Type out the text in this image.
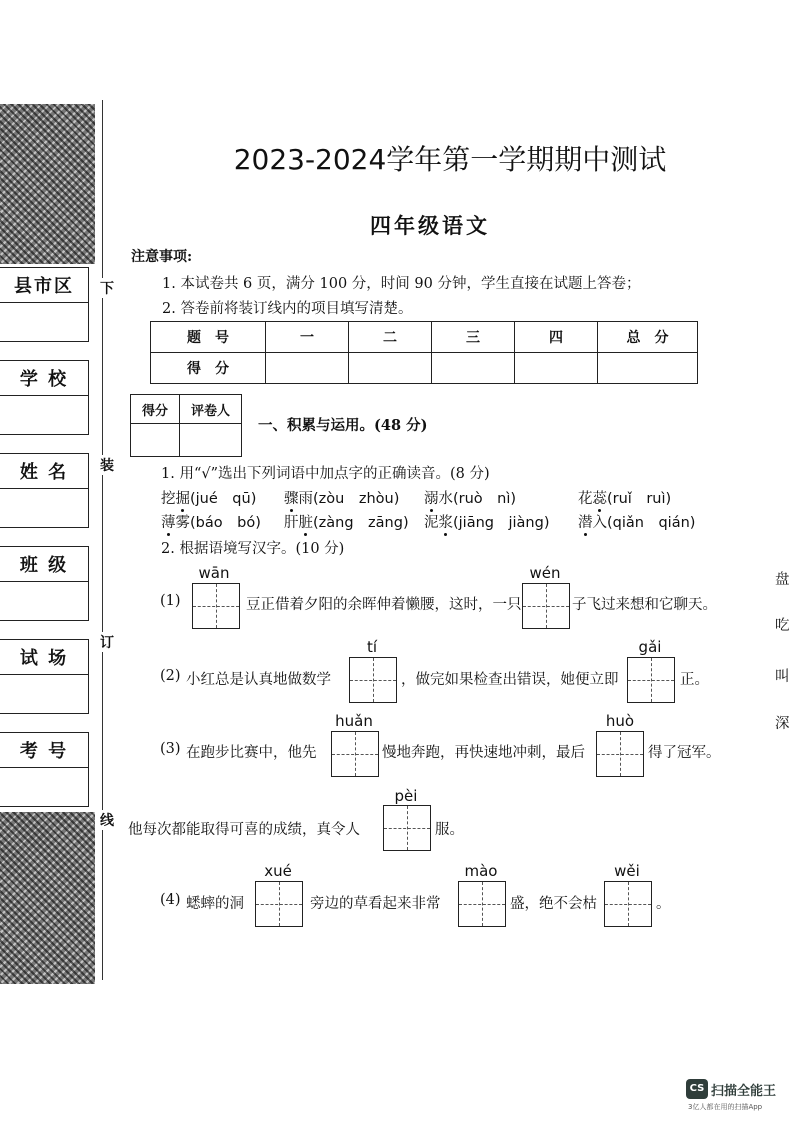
县市区
学 校
姓 名
班 级
试 场
考 号
下
装
订
线
2023-2024学年第一学期期中测试
四年级语文
注意事项:
1. 本试卷共 6 页，满分 100 分，时间 90 分钟，学生直接在试题上答卷；
2. 答卷前将装订线内的项目填写清楚。
题　号	一	二	三	四	总　分
得　分					
得分	评卷人

一、积累与运用。(48 分)
1. 用“√”选出下列词语中加点字的正确读音。(8 分)
挖掘(jué　qū) 骤雨(zòu　zhòu) 溺水(ruò　nì)	花蕊(ruǐ　ruì)
薄雾(báo　bó) 肝脏(zàng　zāng) 泥浆(jiāng　jiàng) 潜入(qiǎn　qián)
2. 根据语境写汉字。(10 分)
(1)
wān
豆正借着夕阳的余晖伸着懒腰，这时，一只
wén
子飞过来想和它聊天。
(2) 小红总是认真地做数学
tí
，做完如果检查出错误，她便立即
gǎi
正。
(3) 在跑步比赛中，他先
huǎn
慢地奔跑，再快速地冲刺，最后
huò
得了冠军。
他每次都能取得可喜的成绩，真令人
pèi
服。
(4) 蟋蟀的洞
xué
旁边的草看起来非常
mào
盛，绝不会枯
wěi
。
盘
吃
叫
深
CS 扫描全能王
3亿人都在用的扫描App
